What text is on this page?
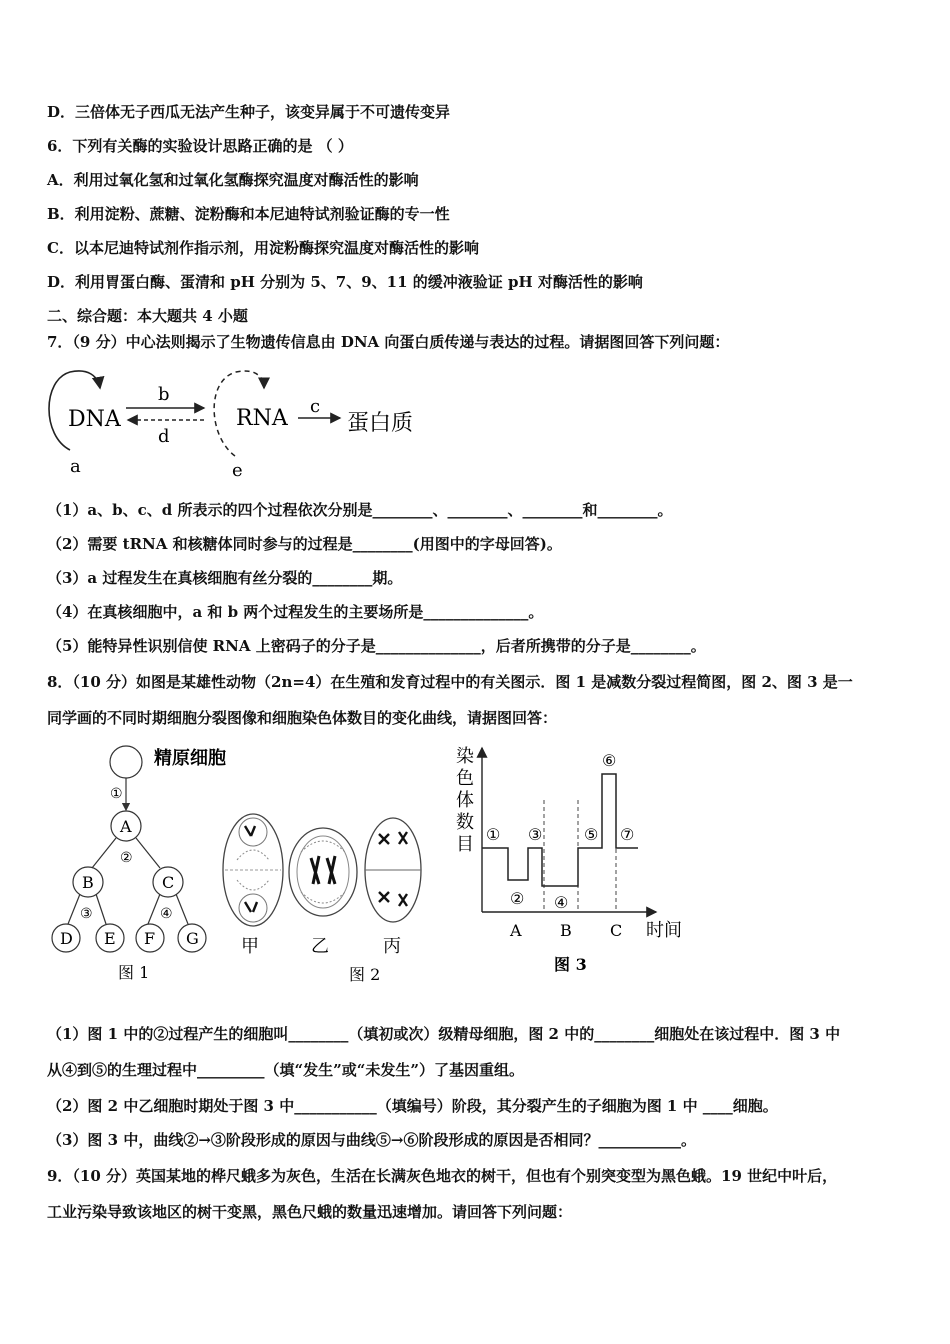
D．三倍体无子西瓜无法产生种子，该变异属于不可遗传变异
6．下列有关酶的实验设计思路正确的是 （ ）
A．利用过氧化氢和过氧化氢酶探究温度对酶活性的影响
B．利用淀粉、蔗糖、淀粉酶和本尼迪特试剂验证酶的专一性
C．以本尼迪特试剂作指示剂，用淀粉酶探究温度对酶活性的影响
D．利用胃蛋白酶、蛋清和 pH 分别为 5、7、9、11 的缓冲液验证 pH 对酶活性的影响
二、综合题：本大题共 4 小题
7．（9 分）中心法则揭示了生物遗传信息由 DNA 向蛋白质传递与表达的过程。请据图回答下列问题：
DNA
a
b
d
RNA
e
c
蛋白质
（1）a、b、c、d 所表示的四个过程依次分别是________、________、________和________。
（2）需要 tRNA 和核糖体同时参与的过程是________(用图中的字母回答)。
（3）a 过程发生在真核细胞有丝分裂的________期。
（4）在真核细胞中，a 和 b 两个过程发生的主要场所是______________。
（5）能特异性识别信使 RNA 上密码子的分子是______________，后者所携带的分子是________。
8．（10 分）如图是某雄性动物（2n=4）在生殖和发育过程中的有关图示．图 1 是减数分裂过程简图，图 2、图 3 是一
同学画的不同时期细胞分裂图像和细胞染色体数目的变化曲线，请据图回答：
精原细胞
①
A
②
B	C
③	④
D E F G
图 1
甲	乙	丙
图 2
染
色
体
数
目 ①
②
③
④
⑤
⑥
⑦
A B C 时间
图 3
（1）图 1 中的②过程产生的细胞叫________（填初或次）级精母细胞，图 2 中的________细胞处在该过程中．图 3 中
从④到⑤的生理过程中_________（填“发生”或“未发生”）了基因重组。
（2）图 2 中乙细胞时期处于图 3 中___________（填编号）阶段，其分裂产生的子细胞为图 1 中 ____细胞。
（3）图 3 中，曲线②→③阶段形成的原因与曲线⑤→⑥阶段形成的原因是否相同？___________。
9．（10 分）英国某地的桦尺蛾多为灰色，生活在长满灰色地衣的树干，但也有个别突变型为黑色蛾。19 世纪中叶后，
工业污染导致该地区的树干变黑，黑色尺蛾的数量迅速增加。请回答下列问题：
